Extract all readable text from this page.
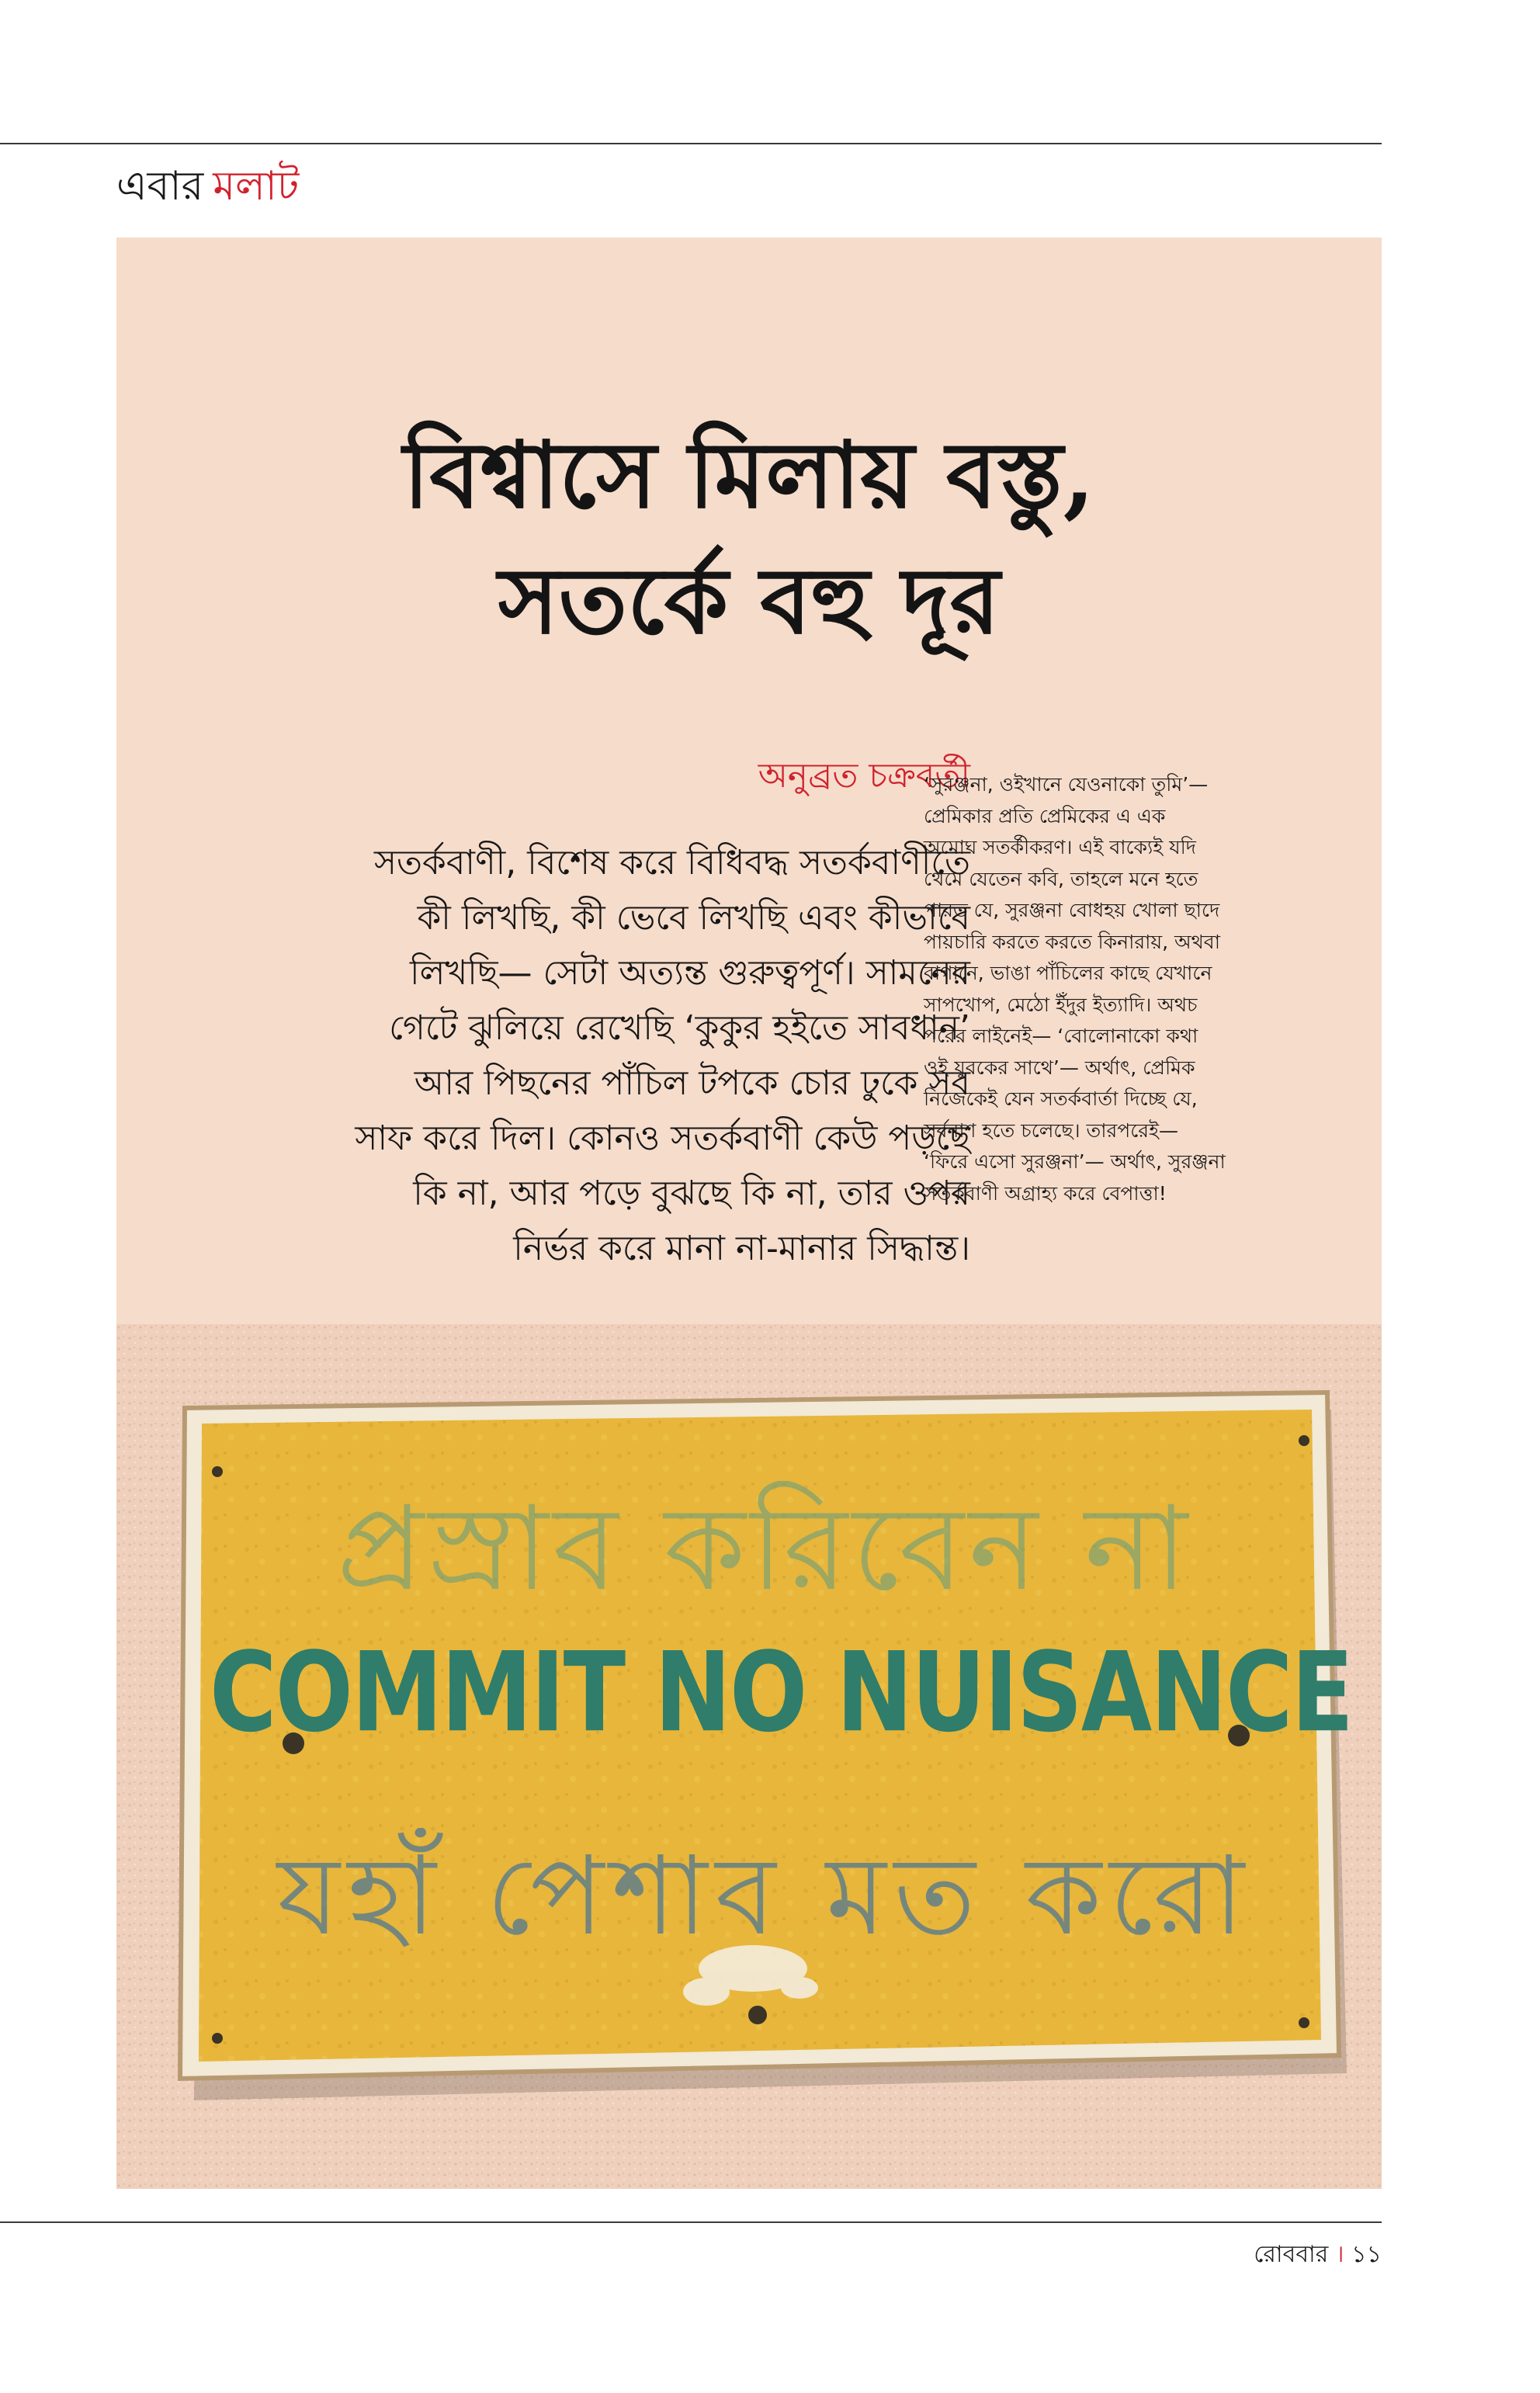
এবার মলাট
বিশ্বাসে মিলায় বস্তু,
সতর্কে বহু দূর
অনুব্রত চক্রবর্তী
সতর্কবাণী, বিশেষ করে বিধিবদ্ধ সতর্কবাণীতে
কী লিখছি, কী ভেবে লিখছি এবং কীভাবে
লিখছি— সেটা অত্যন্ত গুরুত্বপূর্ণ। সামনের
গেটে ঝুলিয়ে রেখেছি ‘কুকুর হইতে সাবধান’
আর পিছনের পাঁচিল টপকে চোর ঢুকে সব
সাফ করে দিল। কোনও সতর্কবাণী কেউ পড়ছে
কি না, আর পড়ে বুঝছে কি না, তার ওপর
নির্ভর করে মানা না-মানার সিদ্ধান্ত।
‘সুরঞ্জনা, ওইখানে যেওনাকো তুমি’—
প্রেমিকার প্রতি প্রেমিকের এ এক
অমোঘ সতর্কীকরণ। এই বাক্যেই যদি
থেমে যেতেন কবি, তাহলে মনে হতে
পারত যে, সুরঞ্জনা বোধহয় খোলা ছাদে
পায়চারি করতে করতে কিনারায়, অথবা
বাগানে, ভাঙা পাঁচিলের কাছে যেখানে
সাপখোপ, মেঠো ইঁদুর ইত্যাদি। অথচ
পরের লাইনেই— ‘বোলোনাকো কথা
ওই যুবকের সাথে’— অর্থাৎ, প্রেমিক
নিজেকেই যেন সতর্কবার্তা দিচ্ছে যে,
সর্বনাশ হতে চলেছে। তারপরেই—
‘ফিরে এসো সুরঞ্জনা’— অর্থাৎ, সুরঞ্জনা
সতর্কবাণী অগ্রাহ্য করে বেপাত্তা!
প্রস্রাব করিবেন না
COMMIT NO NUISANCE
যহাঁ পেশাব মত করো
রোববার । ১১
